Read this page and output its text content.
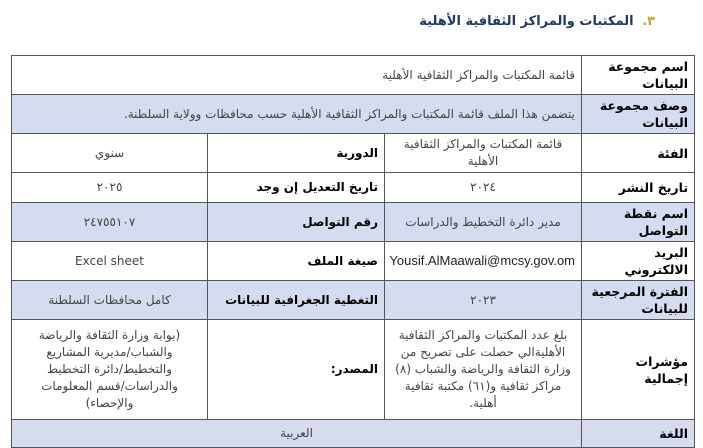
٣. المكتبات والمراكز الثقافية الأهلية
اسم مجموعة البيانات	قائمة المكتبات والمراكز الثقافية الأهلية		
وصف مجموعة البيانات	يتضمن هذا الملف قائمة المكتبات والمراكز الثقافية الأهلية حسب محافظات وولاية السلطنة.		
الفئة	قائمة المكتبات والمراكز الثقافية الأهلية	الدورية	سنوي
تاريخ النشر	٢٠٢٤	تاريخ التعديل إن وجد	٢٠٢٥
اسم نقطة التواصل	مدير دائرة التخطيط والدراسات	رقم التواصل	٢٤٧٥٥١٠٧
البريد الالكتروني	Yousif.AlMaawali@mcsy.gov.om	صيغة الملف	Excel sheet
الفترة المرجعية للبيانات	٢٠٢٣	التغطية الجغرافية للبيانات	كامل محافظات السلطنة
مؤشرات إجمالية	بلغ عدد المكتبات والمراكز الثقافية الأهليةالي حصلت على تصريح من وزارة الثقافة والرياضة والشباب (٨) مراكز ثقافية و(٦١) مكتبة ثقافية أهلية.	المصدر:	(بوابة وزارة الثقافة والرياضة والشباب/مديرية المشاريع والتخطيط/دائرة التخطيط والدراسات/قسم المعلومات والإحصاء)
اللغة	العربية		
